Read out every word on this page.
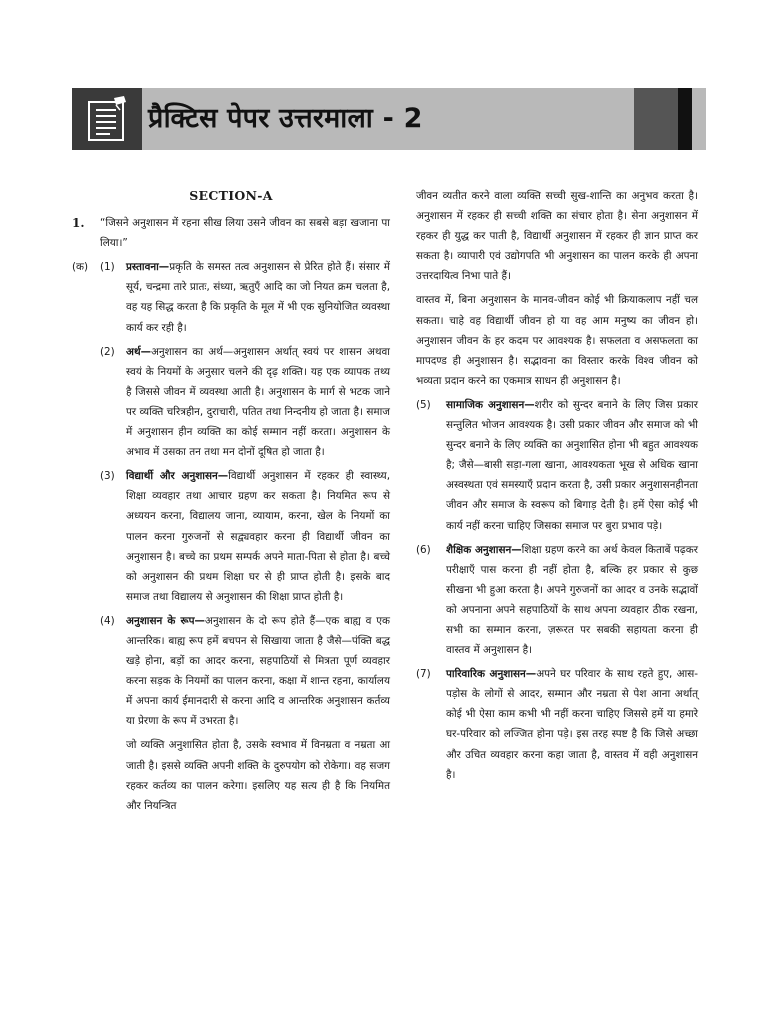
प्रैक्टिस पेपर उत्तरमाला - 2
SECTION-A
1.	“जिसने अनुशासन में रहना सीख लिया उसने जीवन का सबसे बड़ा खजाना पा लिया।”
(क)	(1)	प्रस्तावना—प्रकृति के समस्त तत्व अनुशासन से प्रेरित होते हैं। संसार में सूर्य, चन्द्रमा तारे प्रातः, संध्या, ऋतुएँ आदि का जो नियत क्रम चलता है, वह यह सिद्ध करता है कि प्रकृति के मूल में भी एक सुनियोजित व्यवस्था कार्य कर रही है।
(2)	अर्थ—अनुशासन का अर्थ—अनुशासन अर्थात् स्वयं पर शासन अथवा स्वयं के नियमों के अनुसार चलने की दृढ़ शक्ति। यह एक व्यापक तथ्य है जिससे जीवन में व्यवस्था आती है। अनुशासन के मार्ग से भटक जाने पर व्यक्ति चरित्रहीन, दुराचारी, पतित तथा निन्दनीय हो जाता है। समाज में अनुशासन हीन व्यक्ति का कोई सम्मान नहीं करता। अनुशासन के अभाव में उसका तन तथा मन दोनों दूषित हो जाता है।
(3)	विद्यार्थी और अनुशासन—विद्यार्थी अनुशासन में रहकर ही स्वास्थ्य, शिक्षा व्यवहार तथा आचार ग्रहण कर सकता है। नियमित रूप से अध्ययन करना, विद्यालय जाना, व्यायाम, करना, खेल के नियमों का पालन करना गुरुजनों से सद्व्यवहार करना ही विद्यार्थी जीवन का अनुशासन है। बच्चे का प्रथम सम्पर्क अपने माता-पिता से होता है। बच्चे को अनुशासन की प्रथम शिक्षा घर से ही प्राप्त होती है। इसके बाद समाज तथा विद्यालय से अनुशासन की शिक्षा प्राप्त होती है।
(4)	अनुशासन के रूप—अनुशासन के दो रूप होते हैं—एक बाह्य व एक आन्तरिक। बाह्य रूप हमें बचपन से सिखाया जाता है जैसे—पंक्ति बद्ध खड़े होना, बड़ों का आदर करना, सहपाठियों से मित्रता पूर्ण व्यवहार करना सड़क के नियमों का पालन करना, कक्षा में शान्त रहना, कार्यालय में अपना कार्य ईमानदारी से करना आदि व आन्तरिक अनुशासन कर्तव्य या प्रेरणा के रूप में उभरता है।
जो व्यक्ति अनुशासित होता है, उसके स्वभाव में विनम्रता व नम्रता आ जाती है। इससे व्यक्ति अपनी शक्ति के दुरुपयोग को रोकेगा। वह सजग रहकर कर्तव्य का पालन करेगा। इसलिए यह सत्य ही है कि नियमित और नियन्त्रित
जीवन व्यतीत करने वाला व्यक्ति सच्ची सुख-शान्ति का अनुभव करता है। अनुशासन में रहकर ही सच्ची शक्ति का संचार होता है। सेना अनुशासन में रहकर ही युद्ध कर पाती है, विद्यार्थी अनुशासन में रहकर ही ज्ञान प्राप्त कर सकता है। व्यापारी एवं उद्योगपति भी अनुशासन का पालन करके ही अपना उत्तरदायित्व निभा पाते हैं।
वास्तव में, बिना अनुशासन के मानव-जीवन कोई भी क्रियाकलाप नहीं चल सकता। चाहे वह विद्यार्थी जीवन हो या वह आम मनुष्य का जीवन हो। अनुशासन जीवन के हर कदम पर आवश्यक है। सफलता व असफलता का मापदण्ड ही अनुशासन है। सद्भावना का विस्तार करके विश्व जीवन को भव्यता प्रदान करने का एकमात्र साधन ही अनुशासन है।
(5)	सामाजिक अनुशासन—शरीर को सुन्दर बनाने के लिए जिस प्रकार सन्तुलित भोजन आवश्यक है। उसी प्रकार जीवन और समाज को भी सुन्दर बनाने के लिए व्यक्ति का अनुशासित होना भी बहुत आवश्यक है; जैसे—बासी सड़ा-गला खाना, आवश्यकता भूख से अधिक खाना अस्वस्थता एवं समस्याएँ प्रदान करता है, उसी प्रकार अनुशासनहीनता जीवन और समाज के स्वरूप को बिगाड़ देती है। हमें ऐसा कोई भी कार्य नहीं करना चाहिए जिसका समाज पर बुरा प्रभाव पड़े।
(6)	शैक्षिक अनुशासन—शिक्षा ग्रहण करने का अर्थ केवल किताबें पढ़कर परीक्षाएँ पास करना ही नहीं होता है, बल्कि हर प्रकार से कुछ सीखना भी हुआ करता है। अपने गुरुजनों का आदर व उनके सद्भावों को अपनाना अपने सहपाठियों के साथ अपना व्यवहार ठीक रखना, सभी का सम्मान करना, ज़रूरत पर सबकी सहायता करना ही वास्तव में अनुशासन है।
(7)	पारिवारिक अनुशासन—अपने घर परिवार के साथ रहते हुए, आस-पड़ोस के लोगों से आदर, सम्मान और नम्रता से पेश आना अर्थात् कोई भी ऐसा काम कभी भी नहीं करना चाहिए जिससे हमें या हमारे घर-परिवार को लज्जित होना पड़े। इस तरह स्पष्ट है कि जिसे अच्छा और उचित व्यवहार करना कहा जाता है, वास्तव में वही अनुशासन है।
